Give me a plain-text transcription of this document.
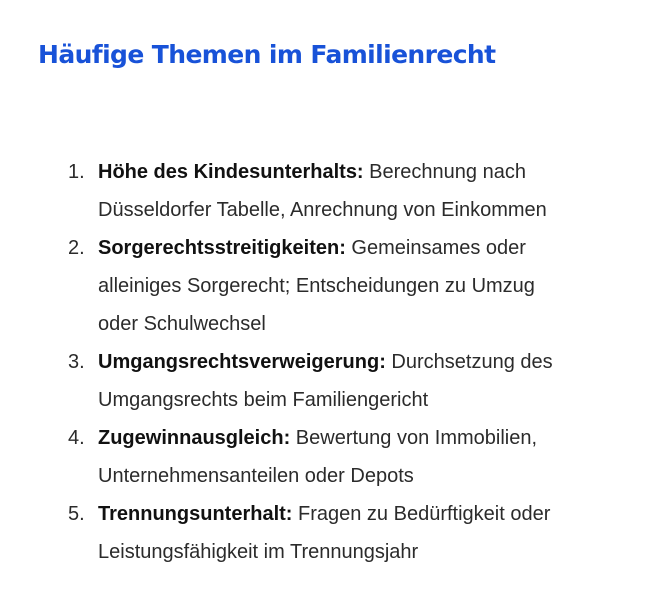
Häufige Themen im Familienrecht
1. Höhe des Kindesunterhalts: Berechnung nach
Düsseldorfer Tabelle, Anrechnung von Einkommen
2. Sorgerechtsstreitigkeiten: Gemeinsames oder
alleiniges Sorgerecht; Entscheidungen zu Umzug
oder Schulwechsel
3. Umgangsrechtsverweigerung: Durchsetzung des
Umgangsrechts beim Familiengericht
4. Zugewinnausgleich: Bewertung von Immobilien,
Unternehmensanteilen oder Depots
5. Trennungsunterhalt: Fragen zu Bedürftigkeit oder
Leistungsfähigkeit im Trennungsjahr
